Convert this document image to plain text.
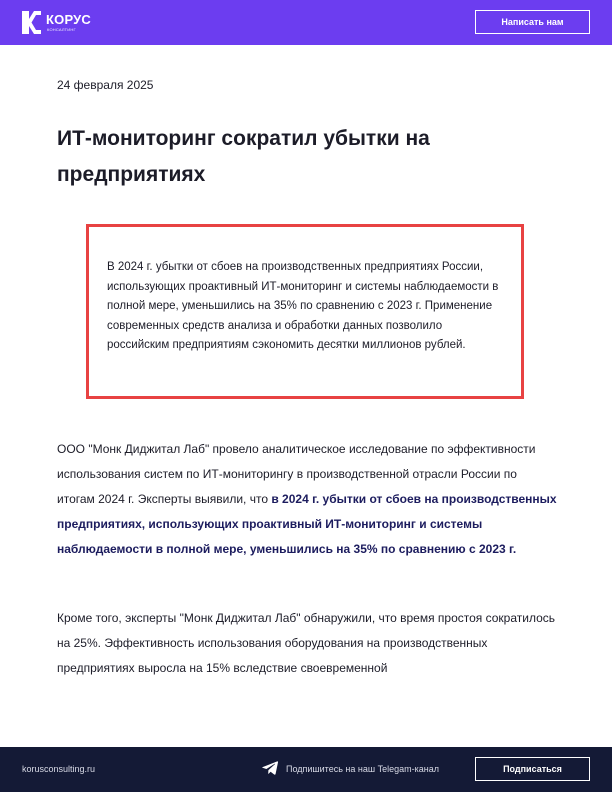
КОРУС
КОНСАЛТИНГ
Написать нам
24 февраля 2025
ИТ-мониторинг сократил убытки на предприятиях

В 2024 г. убытки от сбоев на производственных предприятиях России, использующих проактивный ИТ-мониторинг и системы наблюдаемости в полной мере, уменьшились на 35% по сравнению с 2023 г. Применение современных средств анализа и обработки данных позволило российским предприятиям сэкономить десятки миллионов рублей.

ООО "Монк Диджитал Лаб" провело аналитическое исследование по эффективности использования систем по ИТ-мониторингу в производственной отрасли России по итогам 2024 г. Эксперты выявили, что в 2024 г. убытки от сбоев на производственных предприятиях, использующих проактивный ИТ-мониторинг и системы наблюдаемости в полной мере, уменьшились на 35% по сравнению с 2023 г.

Кроме того, эксперты "Монк Диджитал Лаб" обнаружили, что время простоя сократилось на 25%. Эффективность использования оборудования на производственных предприятиях выросла на 15% вследствие своевременной

korusconsulting.ru	Подпишитесь на наш Telegam-канал	Подписаться
